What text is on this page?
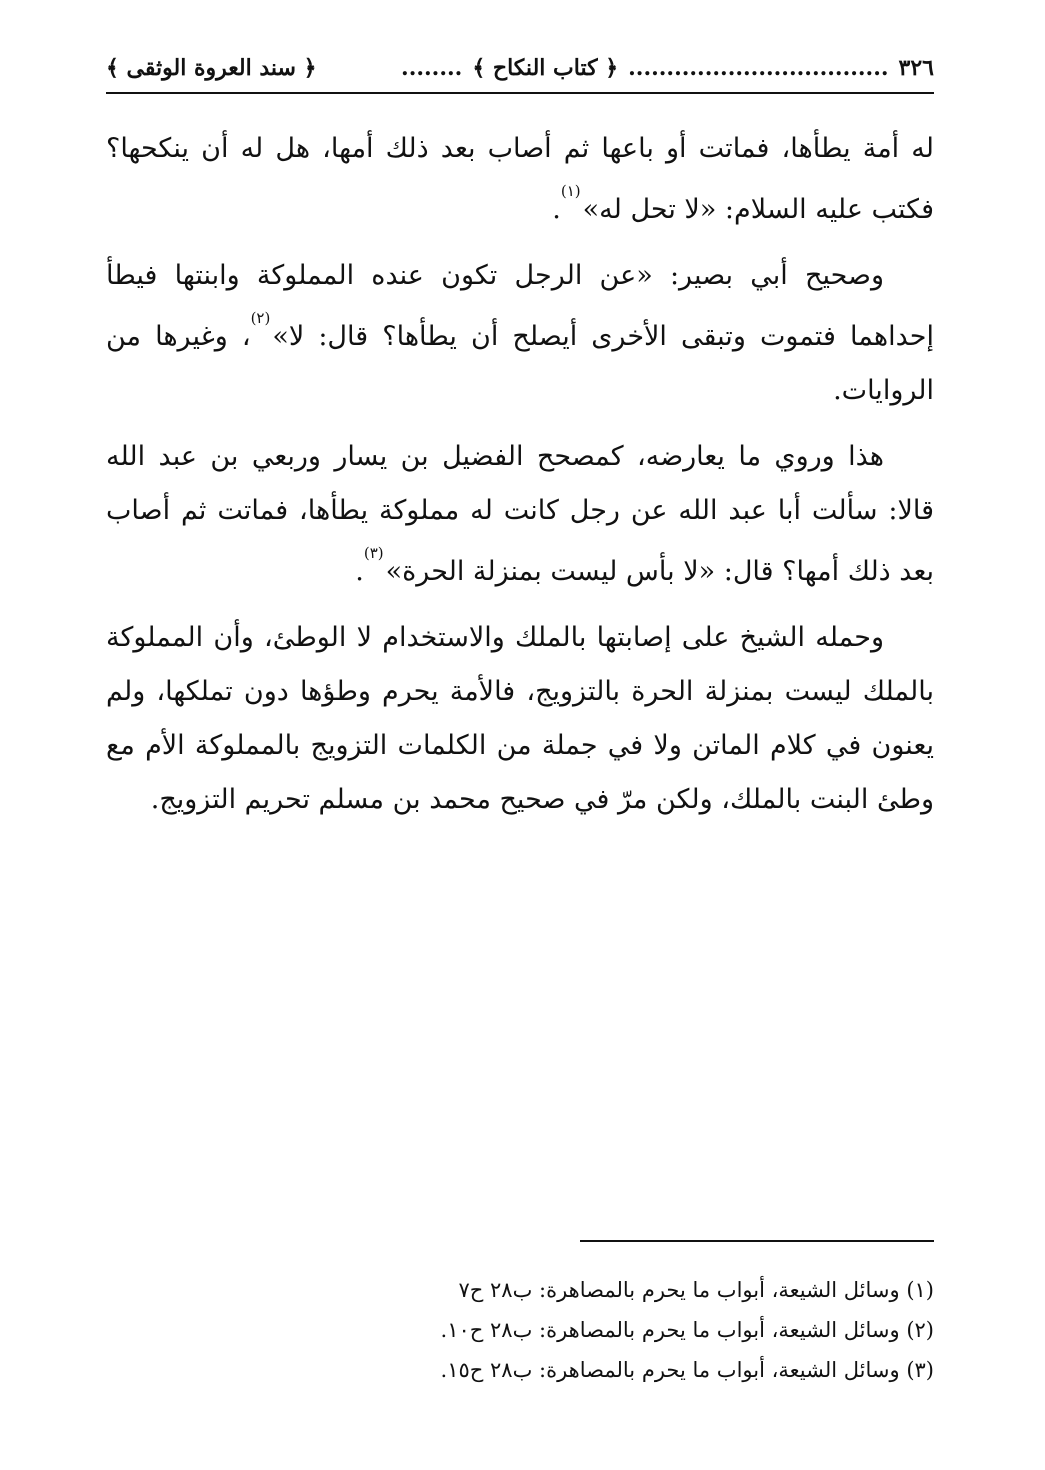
٣٢٦
..................................
﴿ كتاب النكاح ﴾
........
﴿ سند العروة الوثقى ﴾

له أمة يطأها، فماتت أو باعها ثم أصاب بعد ذلك أمها، هل له أن ينكحها؟ فكتب عليه السلام: «لا تحل له»$^{(١)}$.

وصحيح أبي بصير: «عن الرجل تكون عنده المملوكة وابنتها فيطأ إحداهما فتموت وتبقى الأخرى أيصلح أن يطأها؟ قال: لا»$^{(٢)}$، وغيرها من الروايات.

هذا وروي ما يعارضه، كمصحح الفضيل بن يسار وربعي بن عبد الله قالا: سألت أبا عبد الله عن رجل كانت له مملوكة يطأها، فماتت ثم أصاب بعد ذلك أمها؟ قال: «لا بأس ليست بمنزلة الحرة»$^{(٣)}$.

وحمله الشيخ على إصابتها بالملك والاستخدام لا الوطئ، وأن المملوكة بالملك ليست بمنزلة الحرة بالتزويج، فالأمة يحرم وطؤها دون تملكها، ولم يعنون في كلام الماتن ولا في جملة من الكلمات التزويج بالمملوكة الأم مع وطئ البنت بالملك، ولكن مرّ في صحيح محمد بن مسلم تحريم التزويج.

(١) وسائل الشيعة، أبواب ما يحرم بالمصاهرة: ب٢٨ ح٧
(٢) وسائل الشيعة، أبواب ما يحرم بالمصاهرة: ب٢٨ ح١٠.
(٣) وسائل الشيعة، أبواب ما يحرم بالمصاهرة: ب٢٨ ح١٥.
